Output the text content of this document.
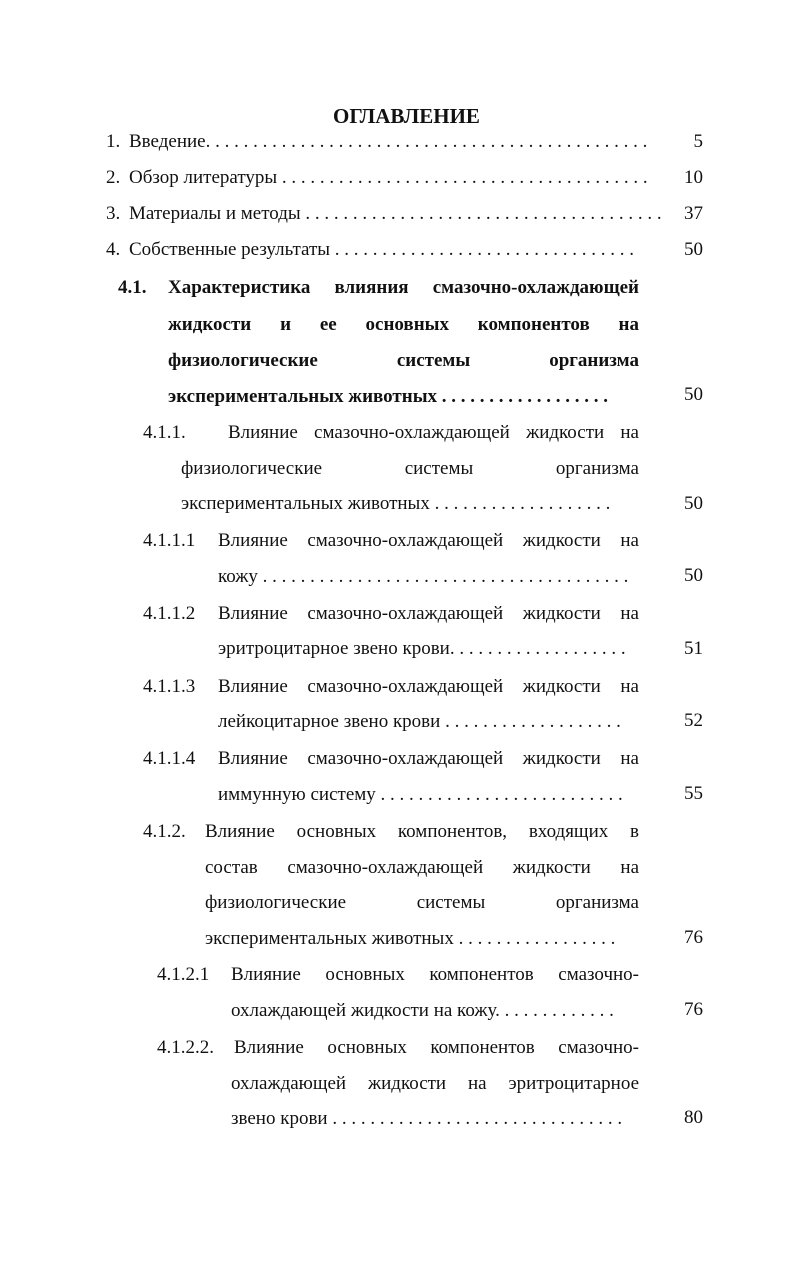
ОГЛАВЛЕНИЕ
1. Введение. . . . . . . . . . . . . . . . . . . . . . . . . . . . . . . . . . . . . . . . . . . . . . . 5
2. Обзор литературы . . . . . . . . . . . . . . . . . . . . . . . . . . . . . . . . . . . . . . . 10
3. Материалы и методы . . . . . . . . . . . . . . . . . . . . . . . . . . . . . . . . . . . . . . 37
4. Собственные результаты . . . . . . . . . . . . . . . . . . . . . . . . . . . . . . . .	50
4.1. Характеристика влияния смазочно-охлаждающей
жидкости и ее основных компонентов на
физиологические системы организма
экспериментальных животных . . . . . . . . . . . . . . . . . .	50
4.1.1. Влияние смазочно-охлаждающей жидкости на
физиологические системы организма
экспериментальных животных . . . . . . . . . . . . . . . . . . .	50
4.1.1.1 Влияние смазочно-охлаждающей жидкости на
кожу . . . . . . . . . . . . . . . . . . . . . . . . . . . . . . . . . . . . . . .	50
4.1.1.2 Влияние смазочно-охлаждающей жидкости на
эритроцитарное звено крови. . . . . . . . . . . . . . . . . . .	51
4.1.1.3 Влияние смазочно-охлаждающей жидкости на
лейкоцитарное звено крови . . . . . . . . . . . . . . . . . . .	52
4.1.1.4 Влияние смазочно-охлаждающей жидкости на
иммунную систему . . . . . . . . . . . . . . . . . . . . . . . . . .	55
4.1.2. Влияние основных компонентов, входящих в
состав смазочно-охлаждающей жидкости на
физиологические системы организма
экспериментальных животных . . . . . . . . . . . . . . . . .	76
4.1.2.1 Влияние основных компонентов смазочно-
охлаждающей жидкости на кожу. . . . . . . . . . . . .	76
4.1.2.2. Влияние основных компонентов смазочно-
охлаждающей жидкости на эритроцитарное
звено крови . . . . . . . . . . . . . . . . . . . . . . . . . . . . . . .	80
